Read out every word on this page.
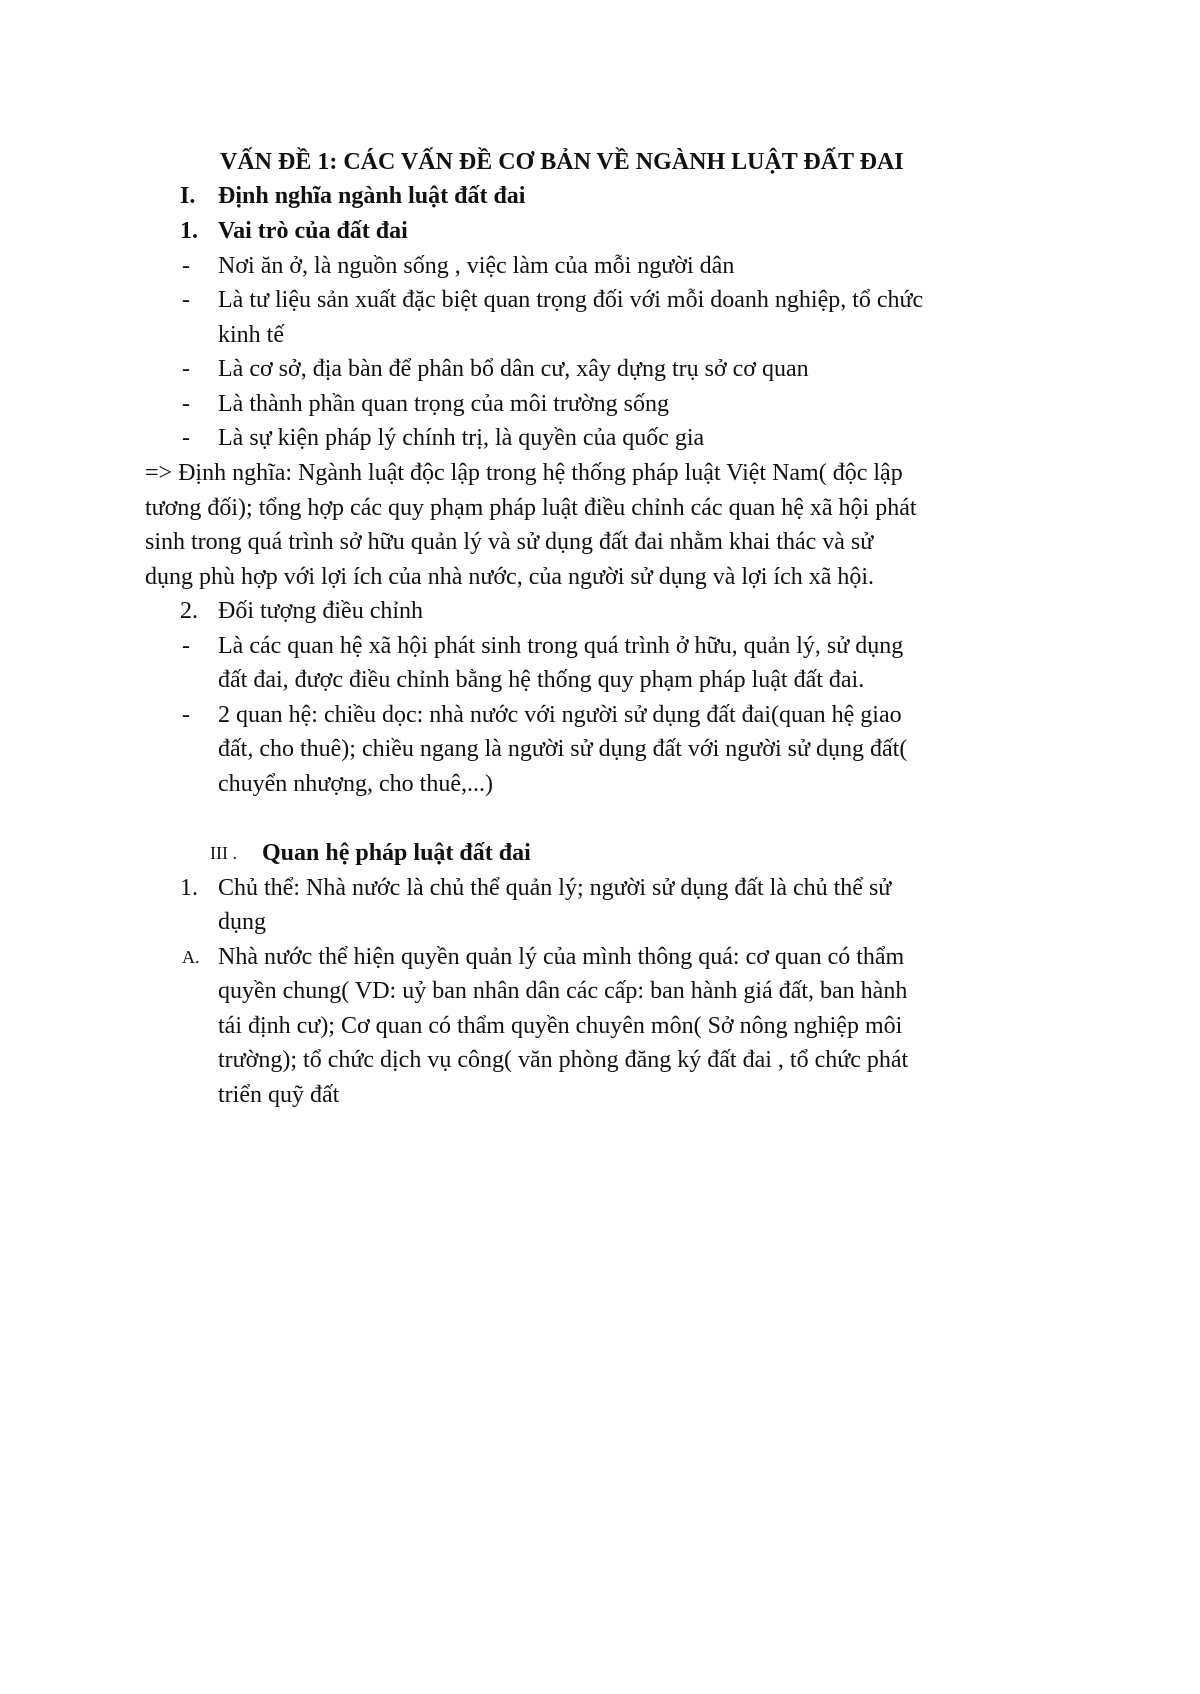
VẤN ĐỀ 1: CÁC VẤN ĐỀ CƠ BẢN VỀ NGÀNH LUẬT ĐẤT ĐAI
I. Định nghĩa ngành luật đất đai
1. Vai trò của đất đai
- Nơi ăn ở, là nguồn sống , việc làm của mỗi người dân
- Là tư liệu sản xuất đặc biệt quan trọng đối với mỗi doanh nghiệp, tổ chức
kinh tế
- Là cơ sở, địa bàn để phân bổ dân cư, xây dựng trụ sở cơ quan
- Là thành phần quan trọng của môi trường sống
- Là sự kiện pháp lý chính trị, là quyền của quốc gia
=> Định nghĩa: Ngành luật độc lập trong hệ thống pháp luật Việt Nam( độc lập
tương đối); tổng hợp các quy phạm pháp luật điều chỉnh các quan hệ xã hội phát
sinh trong quá trình sở hữu quản lý và sử dụng đất đai nhằm khai thác và sử
dụng phù hợp với lợi ích của nhà nước, của người sử dụng và lợi ích xã hội.
2. Đối tượng điều chỉnh
- Là các quan hệ xã hội phát sinh trong quá trình ở hữu, quản lý, sử dụng
đất đai, được điều chỉnh bằng hệ thống quy phạm pháp luật đất đai.
- 2 quan hệ: chiều dọc: nhà nước với người sử dụng đất đai(quan hệ giao
đất, cho thuê); chiều ngang là người sử dụng đất với người sử dụng đất(
chuyển nhượng, cho thuê,...)
III . Quan hệ pháp luật đất đai
1. Chủ thể: Nhà nước là chủ thể quản lý; người sử dụng đất là chủ thể sử
dụng
A. Nhà nước thể hiện quyền quản lý của mình thông quá: cơ quan có thẩm
quyền chung( VD: uỷ ban nhân dân các cấp: ban hành giá đất, ban hành
tái định cư); Cơ quan có thẩm quyền chuyên môn( Sở nông nghiệp môi
trường); tổ chức dịch vụ công( văn phòng đăng ký đất đai , tổ chức phát
triển quỹ đất
